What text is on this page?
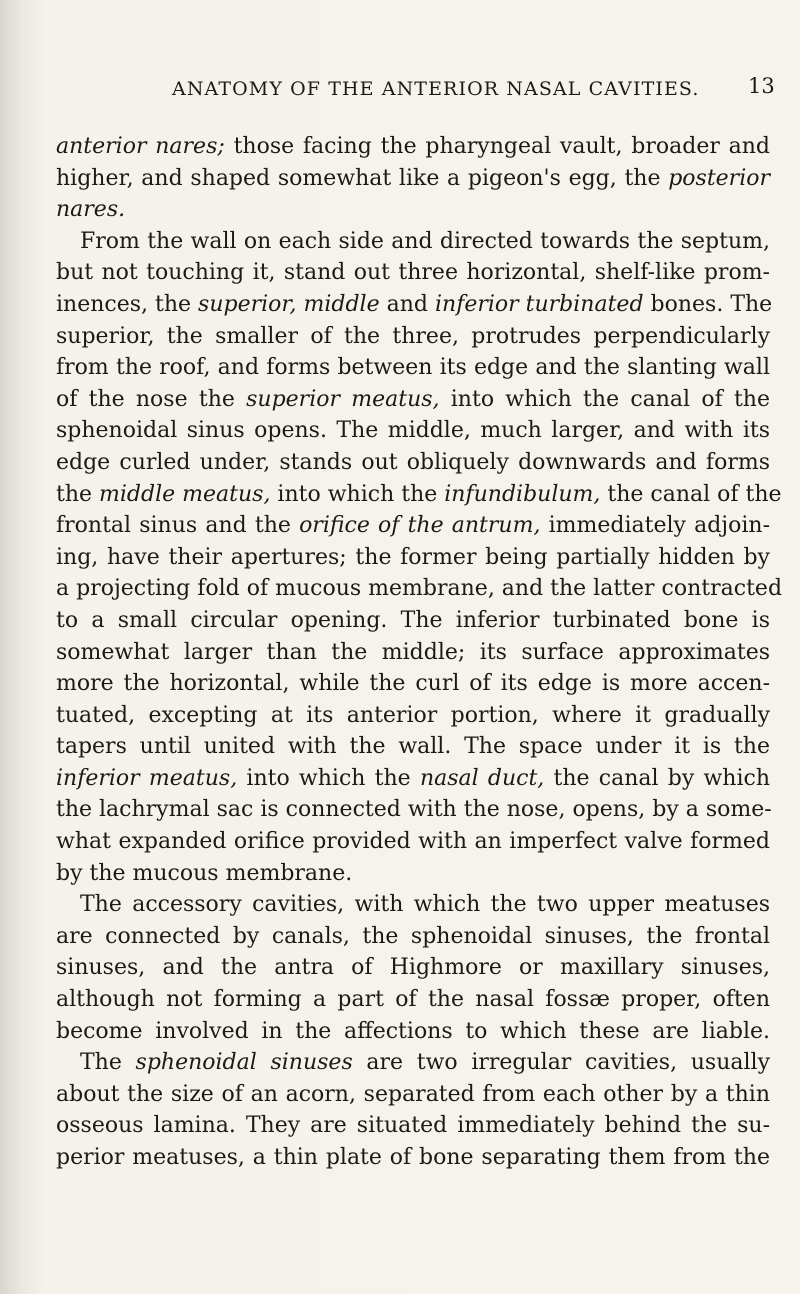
ANATOMY OF THE ANTERIOR NASAL CAVITIES. 13
anterior nares; those facing the pharyngeal vault, broader and
higher, and shaped somewhat like a pigeon's egg, the posterior
nares.
From the wall on each side and directed towards the septum,
but not touching it, stand out three horizontal, shelf-like prom-
inences, the superior, middle and inferior turbinated bones. The
superior, the smaller of the three, protrudes perpendicularly
from the roof, and forms between its edge and the slanting wall
of the nose the superior meatus, into which the canal of the
sphenoidal sinus opens. The middle, much larger, and with its
edge curled under, stands out obliquely downwards and forms
the middle meatus, into which the infundibulum, the canal of the
frontal sinus and the orifice of the antrum, immediately adjoin-
ing, have their apertures; the former being partially hidden by
a projecting fold of mucous membrane, and the latter contracted
to a small circular opening. The inferior turbinated bone is
somewhat larger than the middle; its surface approximates
more the horizontal, while the curl of its edge is more accen-
tuated, excepting at its anterior portion, where it gradually
tapers until united with the wall. The space under it is the
inferior meatus, into which the nasal duct, the canal by which
the lachrymal sac is connected with the nose, opens, by a some-
what expanded orifice provided with an imperfect valve formed
by the mucous membrane.
The accessory cavities, with which the two upper meatuses
are connected by canals, the sphenoidal sinuses, the frontal
sinuses, and the antra of Highmore or maxillary sinuses,
although not forming a part of the nasal fossæ proper, often
become involved in the affections to which these are liable.
The sphenoidal sinuses are two irregular cavities, usually
about the size of an acorn, separated from each other by a thin
osseous lamina. They are situated immediately behind the su-
perior meatuses, a thin plate of bone separating them from the
